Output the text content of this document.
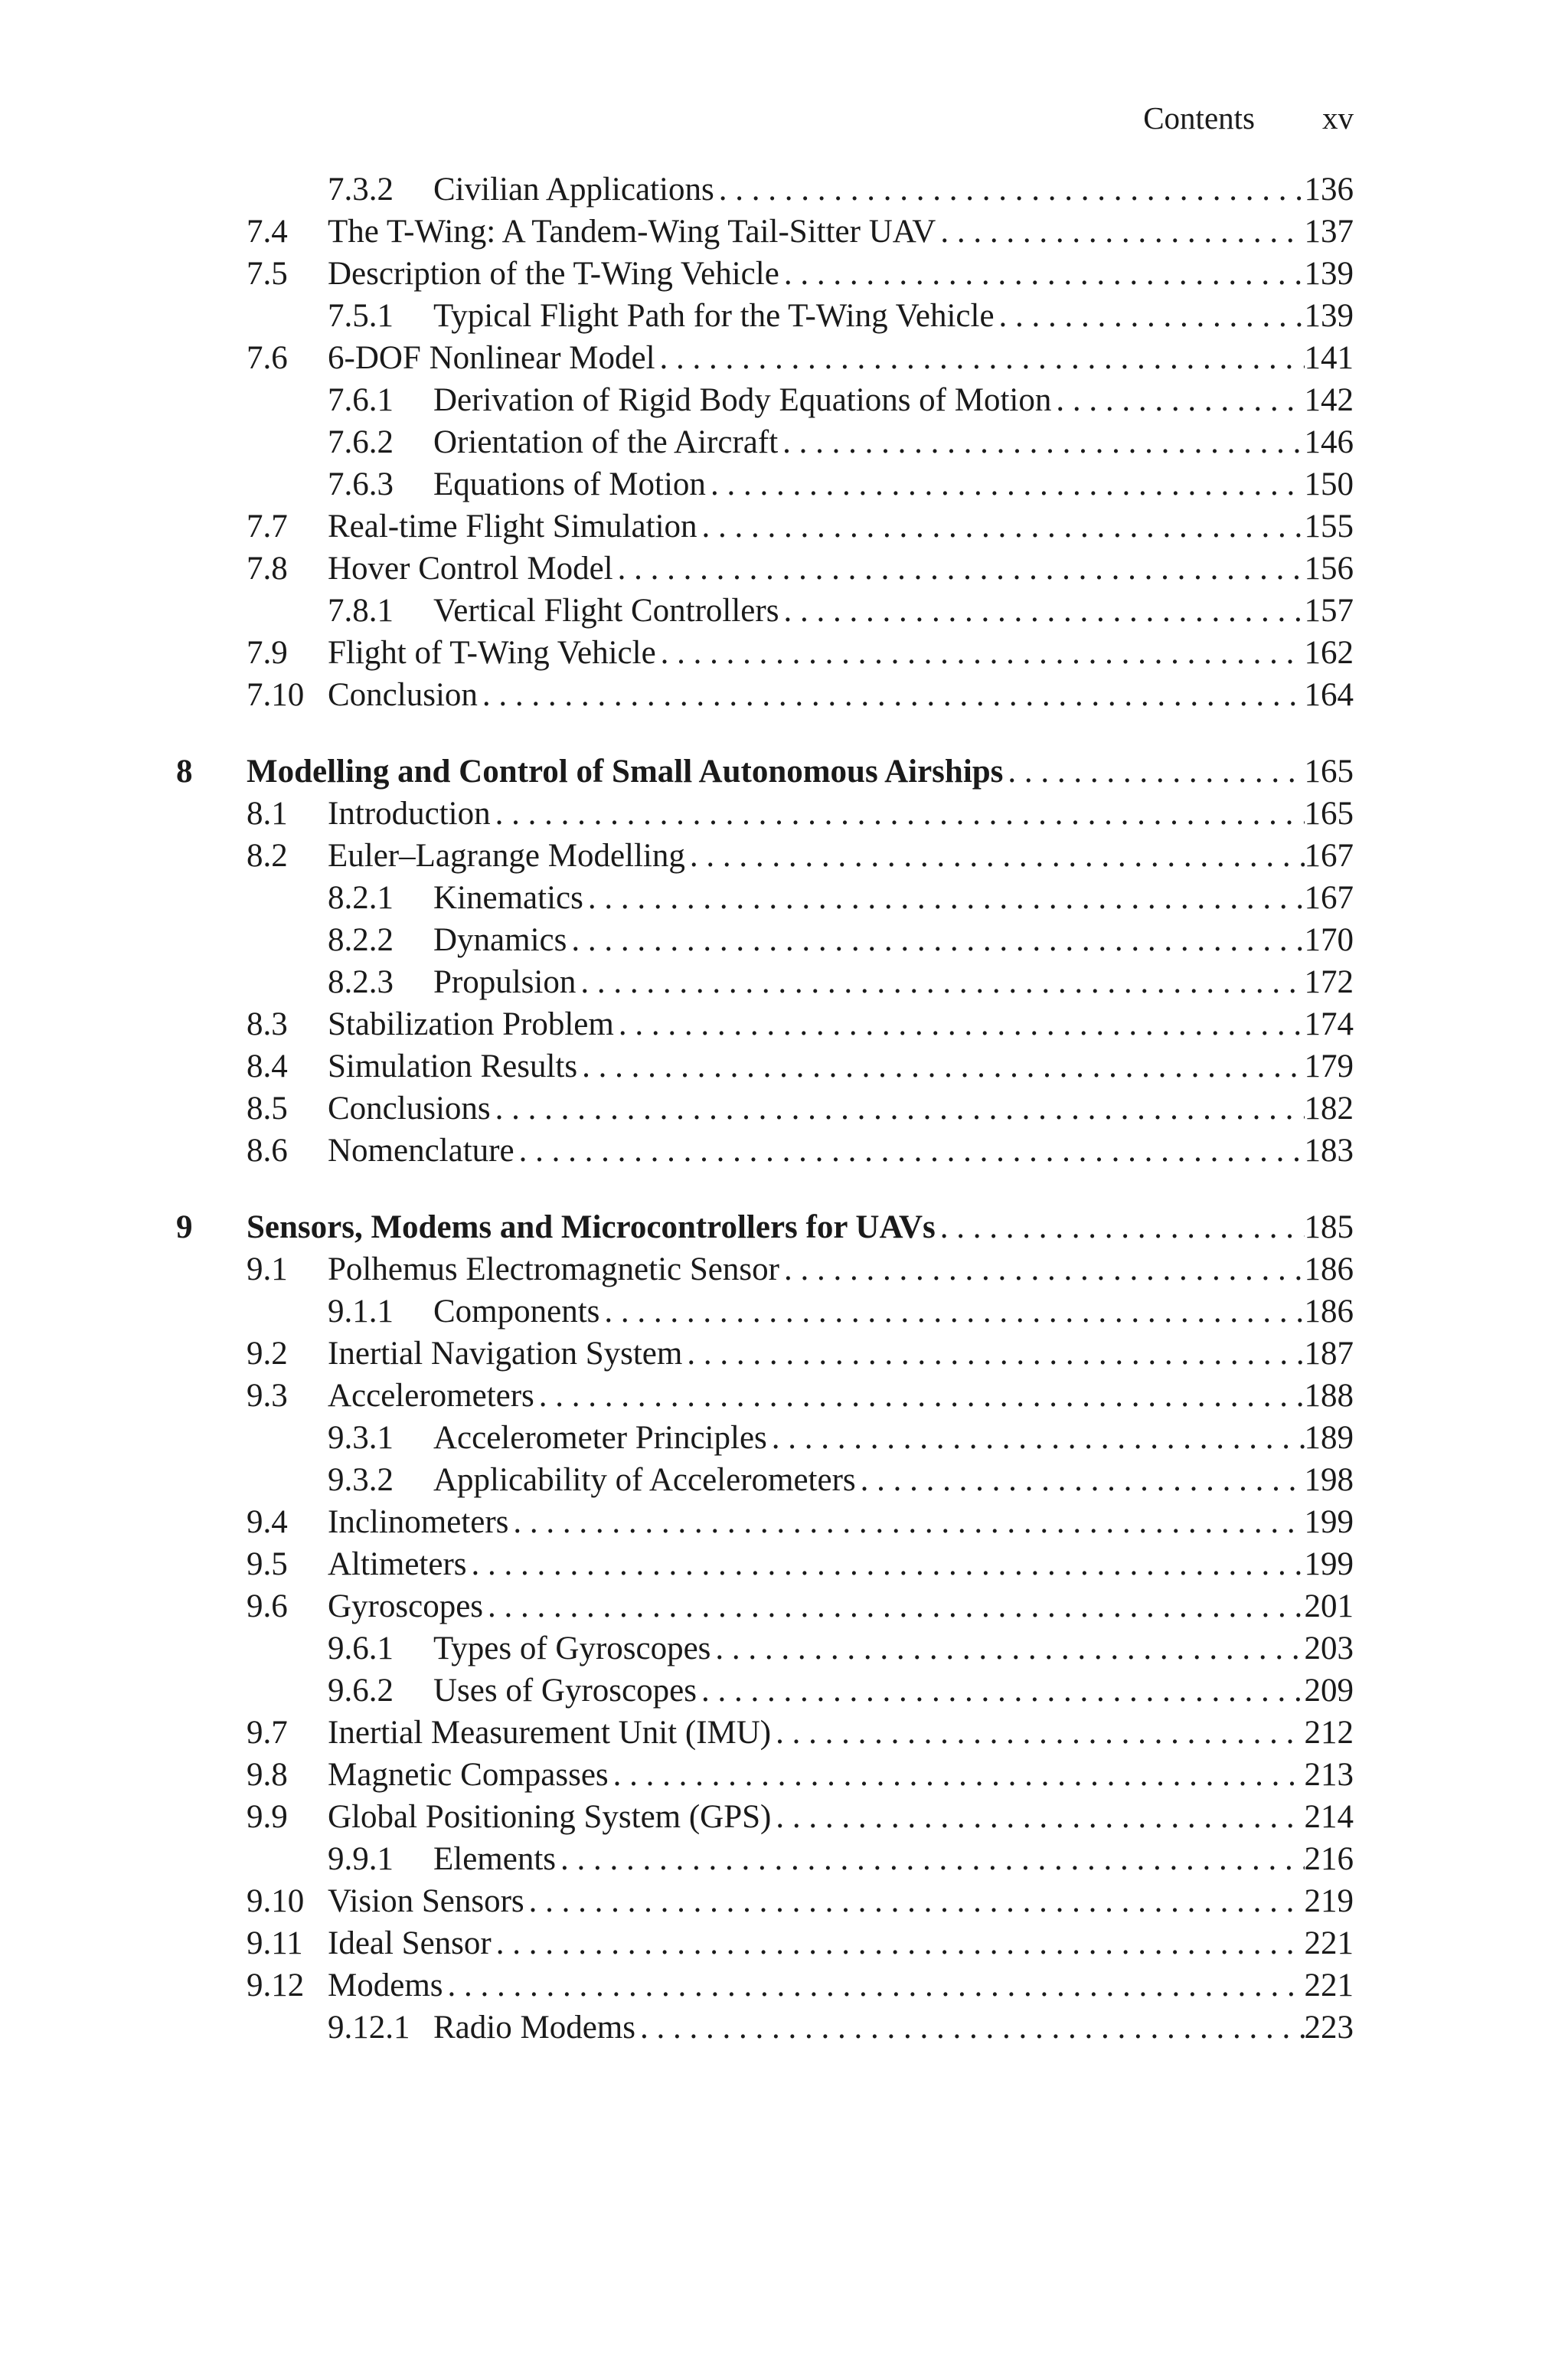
Contents xv
7.3.2 Civilian Applications . . .	136
7.4 The T-Wing: A Tandem-Wing Tail-Sitter UAV . . .	137
7.5 Description of the T-Wing Vehicle . . .	139
7.5.1 Typical Flight Path for the T-Wing Vehicle . . .	139
7.6 6-DOF Nonlinear Model . . .	141
7.6.1 Derivation of Rigid Body Equations of Motion . . .	142
7.6.2 Orientation of the Aircraft . . .	146
7.6.3 Equations of Motion . . .	150
7.7 Real-time Flight Simulation . . .	155
7.8 Hover Control Model . . .	156
7.8.1 Vertical Flight Controllers . . .	157
7.9 Flight of T-Wing Vehicle . . .	162
7.10 Conclusion . . .	164
8 Modelling and Control of Small Autonomous Airships . . .	165
8.1 Introduction . . .	165
8.2 Euler–Lagrange Modelling . . .	167
8.2.1 Kinematics . . .	167
8.2.2 Dynamics . . .	170
8.2.3 Propulsion . . .	172
8.3 Stabilization Problem . . .	174
8.4 Simulation Results . . .	179
8.5 Conclusions . . .	182
8.6 Nomenclature . . .	183
9 Sensors, Modems and Microcontrollers for UAVs . . .	185
9.1 Polhemus Electromagnetic Sensor . . .	186
9.1.1 Components . . .	186
9.2 Inertial Navigation System . . .	187
9.3 Accelerometers . . .	188
9.3.1 Accelerometer Principles . . .	189
9.3.2 Applicability of Accelerometers . . .	198
9.4 Inclinometers . . .	199
9.5 Altimeters . . .	199
9.6 Gyroscopes . . .	201
9.6.1 Types of Gyroscopes . . .	203
9.6.2 Uses of Gyroscopes . . .	209
9.7 Inertial Measurement Unit (IMU) . . .	212
9.8 Magnetic Compasses . . .	213
9.9 Global Positioning System (GPS) . . .	214
9.9.1 Elements . . .	216
9.10 Vision Sensors . . .	219
9.11 Ideal Sensor . . .	221
9.12 Modems . . .	221
9.12.1 Radio Modems . . .	223
